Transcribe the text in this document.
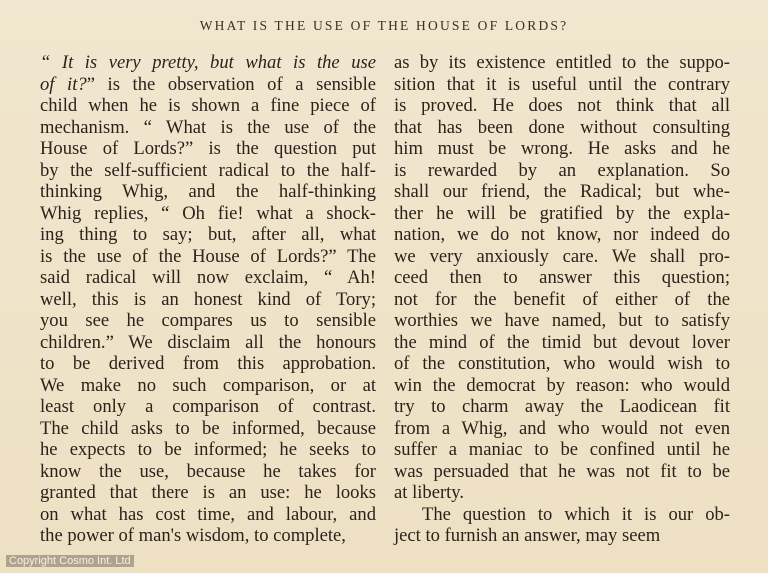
WHAT IS THE USE OF THE HOUSE OF LORDS?
“ It is very pretty, but what is the use
of it?” is the observation of a sensible
child when he is shown a fine piece of
mechanism. “ What is the use of the
House of Lords?” is the question put
by the self-sufficient radical to the half-
thinking Whig, and the half-thinking
Whig replies, “ Oh fie! what a shock-
ing thing to say; but, after all, what
is the use of the House of Lords?” The
said radical will now exclaim, “ Ah!
well, this is an honest kind of Tory;
you see he compares us to sensible
children.” We disclaim all the honours
to be derived from this approbation.
We make no such comparison, or at
least only a comparison of contrast.
The child asks to be informed, because
he expects to be informed; he seeks to
know the use, because he takes for
granted that there is an use: he looks
on what has cost time, and labour, and
the power of man's wisdom, to complete,
as by its existence entitled to the suppo-
sition that it is useful until the contrary
is proved. He does not think that all
that has been done without consulting
him must be wrong. He asks and he
is rewarded by an explanation. So
shall our friend, the Radical; but whe-
ther he will be gratified by the expla-
nation, we do not know, nor indeed do
we very anxiously care. We shall pro-
ceed then to answer this question;
not for the benefit of either of the
worthies we have named, but to satisfy
the mind of the timid but devout lover
of the constitution, who would wish to
win the democrat by reason: who would
try to charm away the Laodicean fit
from a Whig, and who would not even
suffer a maniac to be confined until he
was persuaded that he was not fit to be
at liberty.
The question to which it is our ob-
ject to furnish an answer, may seem
Copyright Cosmo Int. Ltd
